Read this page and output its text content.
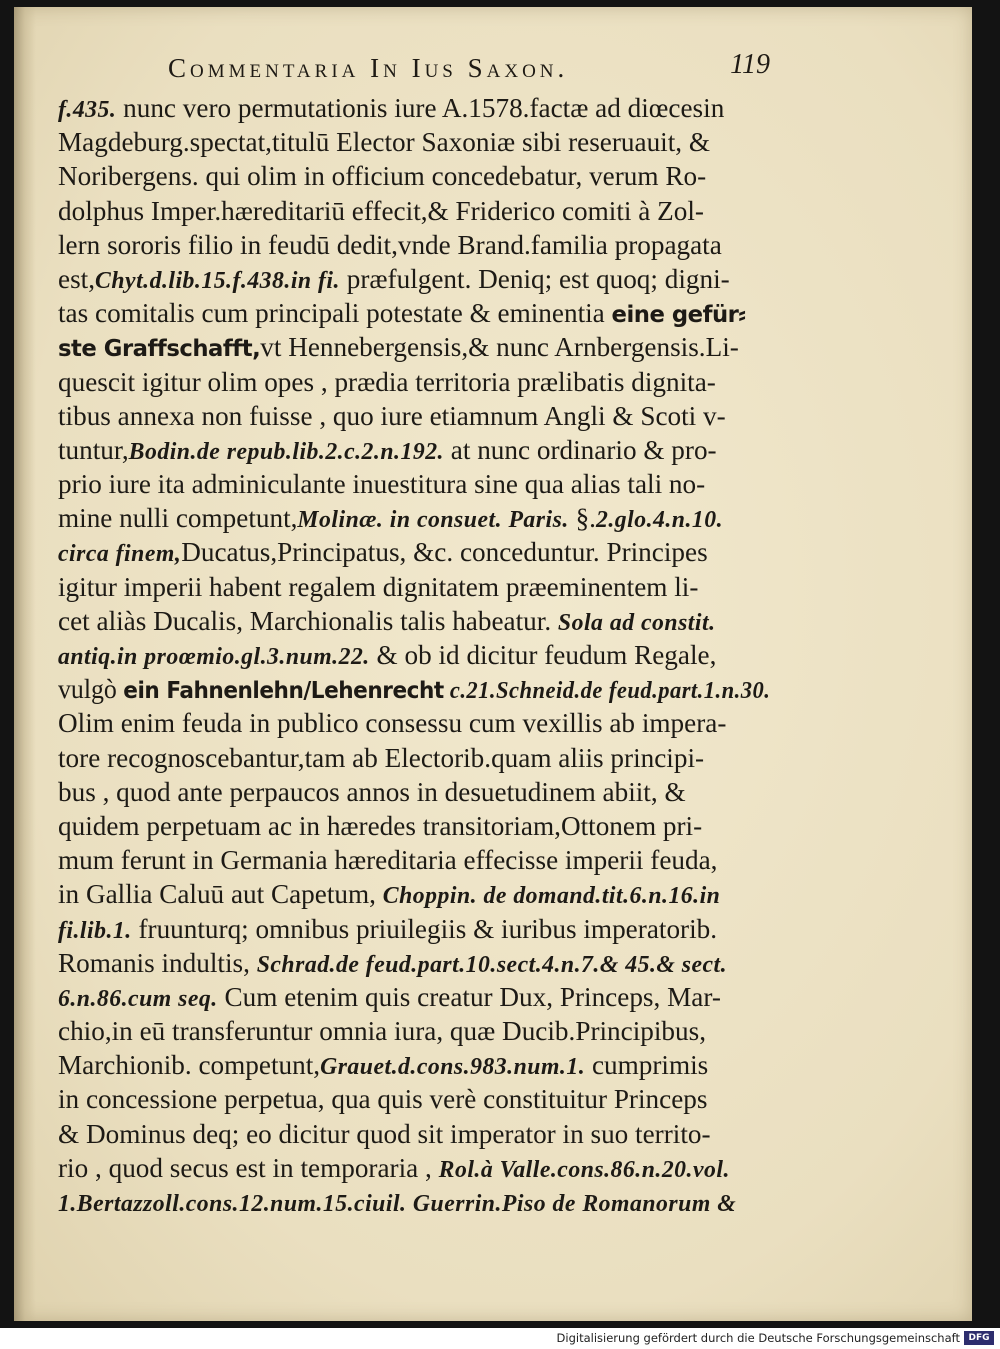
Commentaria In Ius Saxon.	119
f.435. nunc vero permutationis iure A.1578.factæ ad diœcesin
Magdeburg.spectat,titulū Elector Saxoniæ sibi reseruauit, &
Noribergens. qui olim in officium concedebatur, verum Ro-
dolphus Imper.hæreditariū effecit,& Friderico comiti à Zol-
lern sororis filio in feudū dedit,vnde Brand.familia propagata
est,Chyt.d.lib.15.f.438.in fi. præfulgent. Deniq; est quoq; digni-
tas comitalis cum principali potestate & eminentia eine gefür⸗
ste Graffschafft,vt Hennebergensis,& nunc Arnbergensis.Li-
quescit igitur olim opes , prædia territoria prælibatis dignita-
tibus annexa non fuisse , quo iure etiamnum Angli & Scoti v-
tuntur,Bodin.de repub.lib.2.c.2.n.192. at nunc ordinario & pro-
prio iure ita adminiculante inuestitura sine qua alias tali no-
mine nulli competunt,Molinæ. in consuet. Paris. §.2.glo.4.n.10.
circa finem,Ducatus,Principatus, &c. conceduntur. Principes
igitur imperii habent regalem dignitatem præeminentem li-
cet aliàs Ducalis, Marchionalis talis habeatur. Sola ad constit.
antiq.in proœmio.gl.3.num.22. & ob id dicitur feudum Regale,
vulgò ein Fahnenlehn/Lehenrecht c.21.Schneid.de feud.part.1.n.30.
Olim enim feuda in publico consessu cum vexillis ab impera-
tore recognoscebantur,tam ab Electorib.quam aliis principi-
bus , quod ante perpaucos annos in desuetudinem abiit, &
quidem perpetuam ac in hæredes transitoriam,Ottonem pri-
mum ferunt in Germania hæreditaria effecisse imperii feuda,
in Gallia Caluū aut Capetum, Choppin. de domand.tit.6.n.16.in
fi.lib.1. fruunturq; omnibus priuilegiis & iuribus imperatorib.
Romanis indultis, Schrad.de feud.part.10.sect.4.n.7.& 45.& sect.
6.n.86.cum seq. Cum etenim quis creatur Dux, Princeps, Mar-
chio,in eū transferuntur omnia iura, quæ Ducib.Principibus,
Marchionib. competunt,Grauet.d.cons.983.num.1. cumprimis
in concessione perpetua, qua quis verè constituitur Princeps
& Dominus deq; eo dicitur quod sit imperator in suo territo-
rio , quod secus est in temporaria , Rol.à Valle.cons.86.n.20.vol.
1.Bertazzoll.cons.12.num.15.ciuil. Guerrin.Piso de Romanorum &
Digitalisierung gefördert durch die Deutsche Forschungsgemeinschaft DFG
